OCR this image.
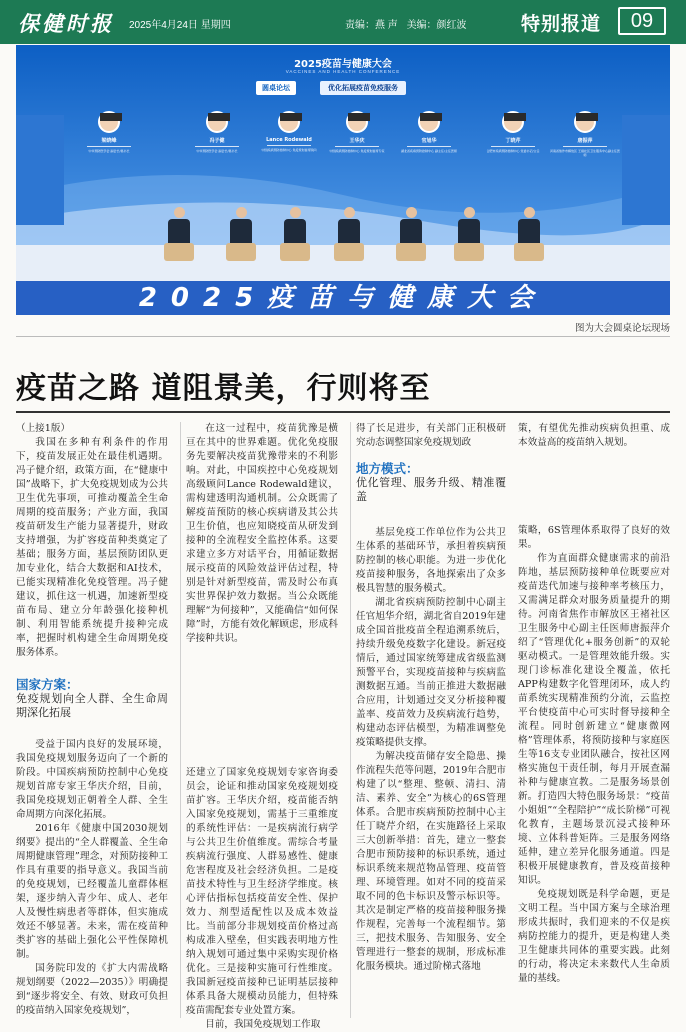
保健时报 2025年4月24日 星期四	责编：燕 声 美编：颜红波	特别报道	09
2025疫苗与健康大会
VACCINES AND HEALTH CONFERENCE
圆桌论坛	优化拓展疫苗免疫服务
梁晓峰
中华预防医学会 副会长/秘书长
冯子健
中华预防医学会 副会长/秘书长
Lance Rodewald
中国疾病预防控制中心 免疫规划首席顾问
王华庆
中国疾病预防控制中心 免疫规划首席专家
官旭华
湖北省疾病预防控制中心 副主任/主任医师
丁晓芹
合肥市疾病预防控制中心 党委书记/主任
唐振萍
河南省焦作市解放区 王褚社区卫生服务中心副主任医师
2025疫苗与健康大会
图为大会圆桌论坛现场
疫苗之路 道阻景美，行则将至

（上接1版）

我国在多种有利条件的作用下，疫苗发展正处在最佳机遇期。冯子健介绍，政策方面，在“健康中国”战略下，扩大免疫规划成为公共卫生优先事项，可推动覆盖全生命周期的疫苗服务；产业方面，我国疫苗研发生产能力显著提升，财政支持增强，为扩容疫苗种类奠定了基础；服务方面，基层预防团队更加专业化，结合大数据和AI技术，已能实现精准化免疫管理。冯子健建议，抓住这一机遇，加速新型疫苗布局、建立分年龄强化接种机制、利用智能系统提升接种完成率，把握时机构建全生命周期免疫服务体系。

国家方案：
免疫规划向全人群、全生命周期深化拓展

受益于国内良好的发展环境，我国免疫规划服务迈向了一个新的阶段。中国疾病预防控制中心免疫规划首席专家王华庆介绍，目前，我国免疫规划正朝着全人群、全生命周期方向深化拓展。

2016年《健康中国2030规划纲要》提出的“全人群覆盖、全生命周期健康管理”理念，对预防接种工作具有重要的指导意义。我国当前的免疫规划，已经覆盖儿童群体框架，逐步纳入青少年、成人、老年人及慢性病患者等群体，但实施成效还不够显著。未来，需在疫苗种类扩容的基础上强化公平性保障机制。

国务院印发的《扩大内需战略规划纲要（2022—2035）》明确提到“逐步将安全、有效、财政可负担的疫苗纳入国家免疫规划”，

在这一过程中，疫苗犹豫是横亘在其中的世界难题。优化免疫服务先要解决疫苗犹豫带来的不利影响。对此，中国疾控中心免疫规划高级顾问Lance Rodewald建议，需构建透明沟通机制。公众既需了解疫苗预防的核心疾病谱及其公共卫生价值，也应知晓疫苗从研发到接种的全流程安全监控体系。这要求建立多方对话平台，用循证数据展示疫苗的风险效益评估过程，特别是针对新型疫苗，需及时公布真实世界保护效力数据。当公众既能理解“为何接种”，又能确信“如何保障”时，方能有效化解顾虑，形成科学接种共识。

还建立了国家免疫规划专家咨询委员会，论证和推动国家免疫规划疫苗扩容。王华庆介绍，疫苗能否纳入国家免疫规划，需基于三重维度的系统性评估：一是疾病流行病学与公共卫生价值维度。需综合考量疾病流行强度、人群易感性、健康危害程度及社会经济负担。二是疫苗技术特性与卫生经济学维度。核心评估指标包括疫苗安全性、保护效力、剂型适配性以及成本效益比。当前部分非规划疫苗价格过高构成准入壁垒，但实践表明地方性纳入规划可通过集中采购实现价格优化。三是接种实施可行性维度。我国新冠疫苗接种已证明基层接种体系具备大规模动员能力，但特殊疫苗需配套专业处置方案。

目前，我国免疫规划工作取

得了长足进步，有关部门正积极研究动态调整国家免疫规划政

地方模式：
优化管理、服务升级、精准覆盖

基层免疫工作单位作为公共卫生体系的基础环节，承担着疾病预防控制的核心职能。为进一步优化疫苗接种服务，各地探索出了众多极具智慧的服务模式。

湖北省疾病预防控制中心副主任官旭华介绍，湖北省自2019年建成全国首批疫苗全程追溯系统后，持续升级免疫数字化建设。新冠疫情后，通过国家统筹建成省级监测预警平台，实现疫苗接种与疾病监测数据互通。当前正推进大数据融合应用，计划通过交叉分析接种覆盖率、疫苗效力及疾病流行趋势，构建动态评估模型，为精准调整免疫策略提供支撑。

为解决疫苗储存安全隐患、操作流程失范等问题，2019年合肥市构建了以“整理、整顿、清扫、清洁、素养、安全”为核心的6S管理体系。合肥市疾病预防控制中心主任丁晓芹介绍，在实施路径上采取三大创新举措：首先，建立一整套合肥市预防接种的标识系统，通过标识系统来规范物品管理、疫苗管理、环境管理。如对不同的疫苗采取不同的色卡标识及警示标识等。其次是制定严格的疫苗接种服务操作规程，完善每一个流程细节。第三，把技术服务、告知服务、安全管理进行一整套的规制，形成标准化服务模块。通过阶梯式落地

策，有望优先推动疾病负担重、成本效益高的疫苗纳入规划。

策略，6S管理体系取得了良好的效果。

作为直面群众健康需求的前沿阵地，基层预防接种单位既要应对疫苗迭代加速与接种率考核压力，又需满足群众对服务质量提升的期待。河南省焦作市解放区王褚社区卫生服务中心副主任医师唐振萍介绍了“管理优化+服务创新”的双轮驱动模式。一是管理效能升级。实现门诊标准化建设全覆盖，依托APP构建数字化管理闭环，成人约苗系统实现精准预约分流，云监控平台使疫苗中心可实时督导接种全流程。同时创新建立“健康微网格”管理体系，将预防接种与家庭医生等16支专业团队融合，按社区网格实施包干责任制，每月开展查漏补种与健康宣教。二是服务场景创新。打造四大特色服务场景：“疫苗小姐姐”“全程陪护”“成长阶梯”可视化教育，主题场景沉浸式接种环境、立体科普矩阵。三是服务网络延伸，建立差异化服务通道。四是积极开展健康教育，普及疫苗接种知识。

免疫规划既是科学命题，更是文明工程。当中国方案与全球治理形成共振时，我们迎来的不仅是疾病防控能力的提升，更是构建人类卫生健康共同体的重要实践。此刻的行动，将决定未来数代人生命质量的基线。
